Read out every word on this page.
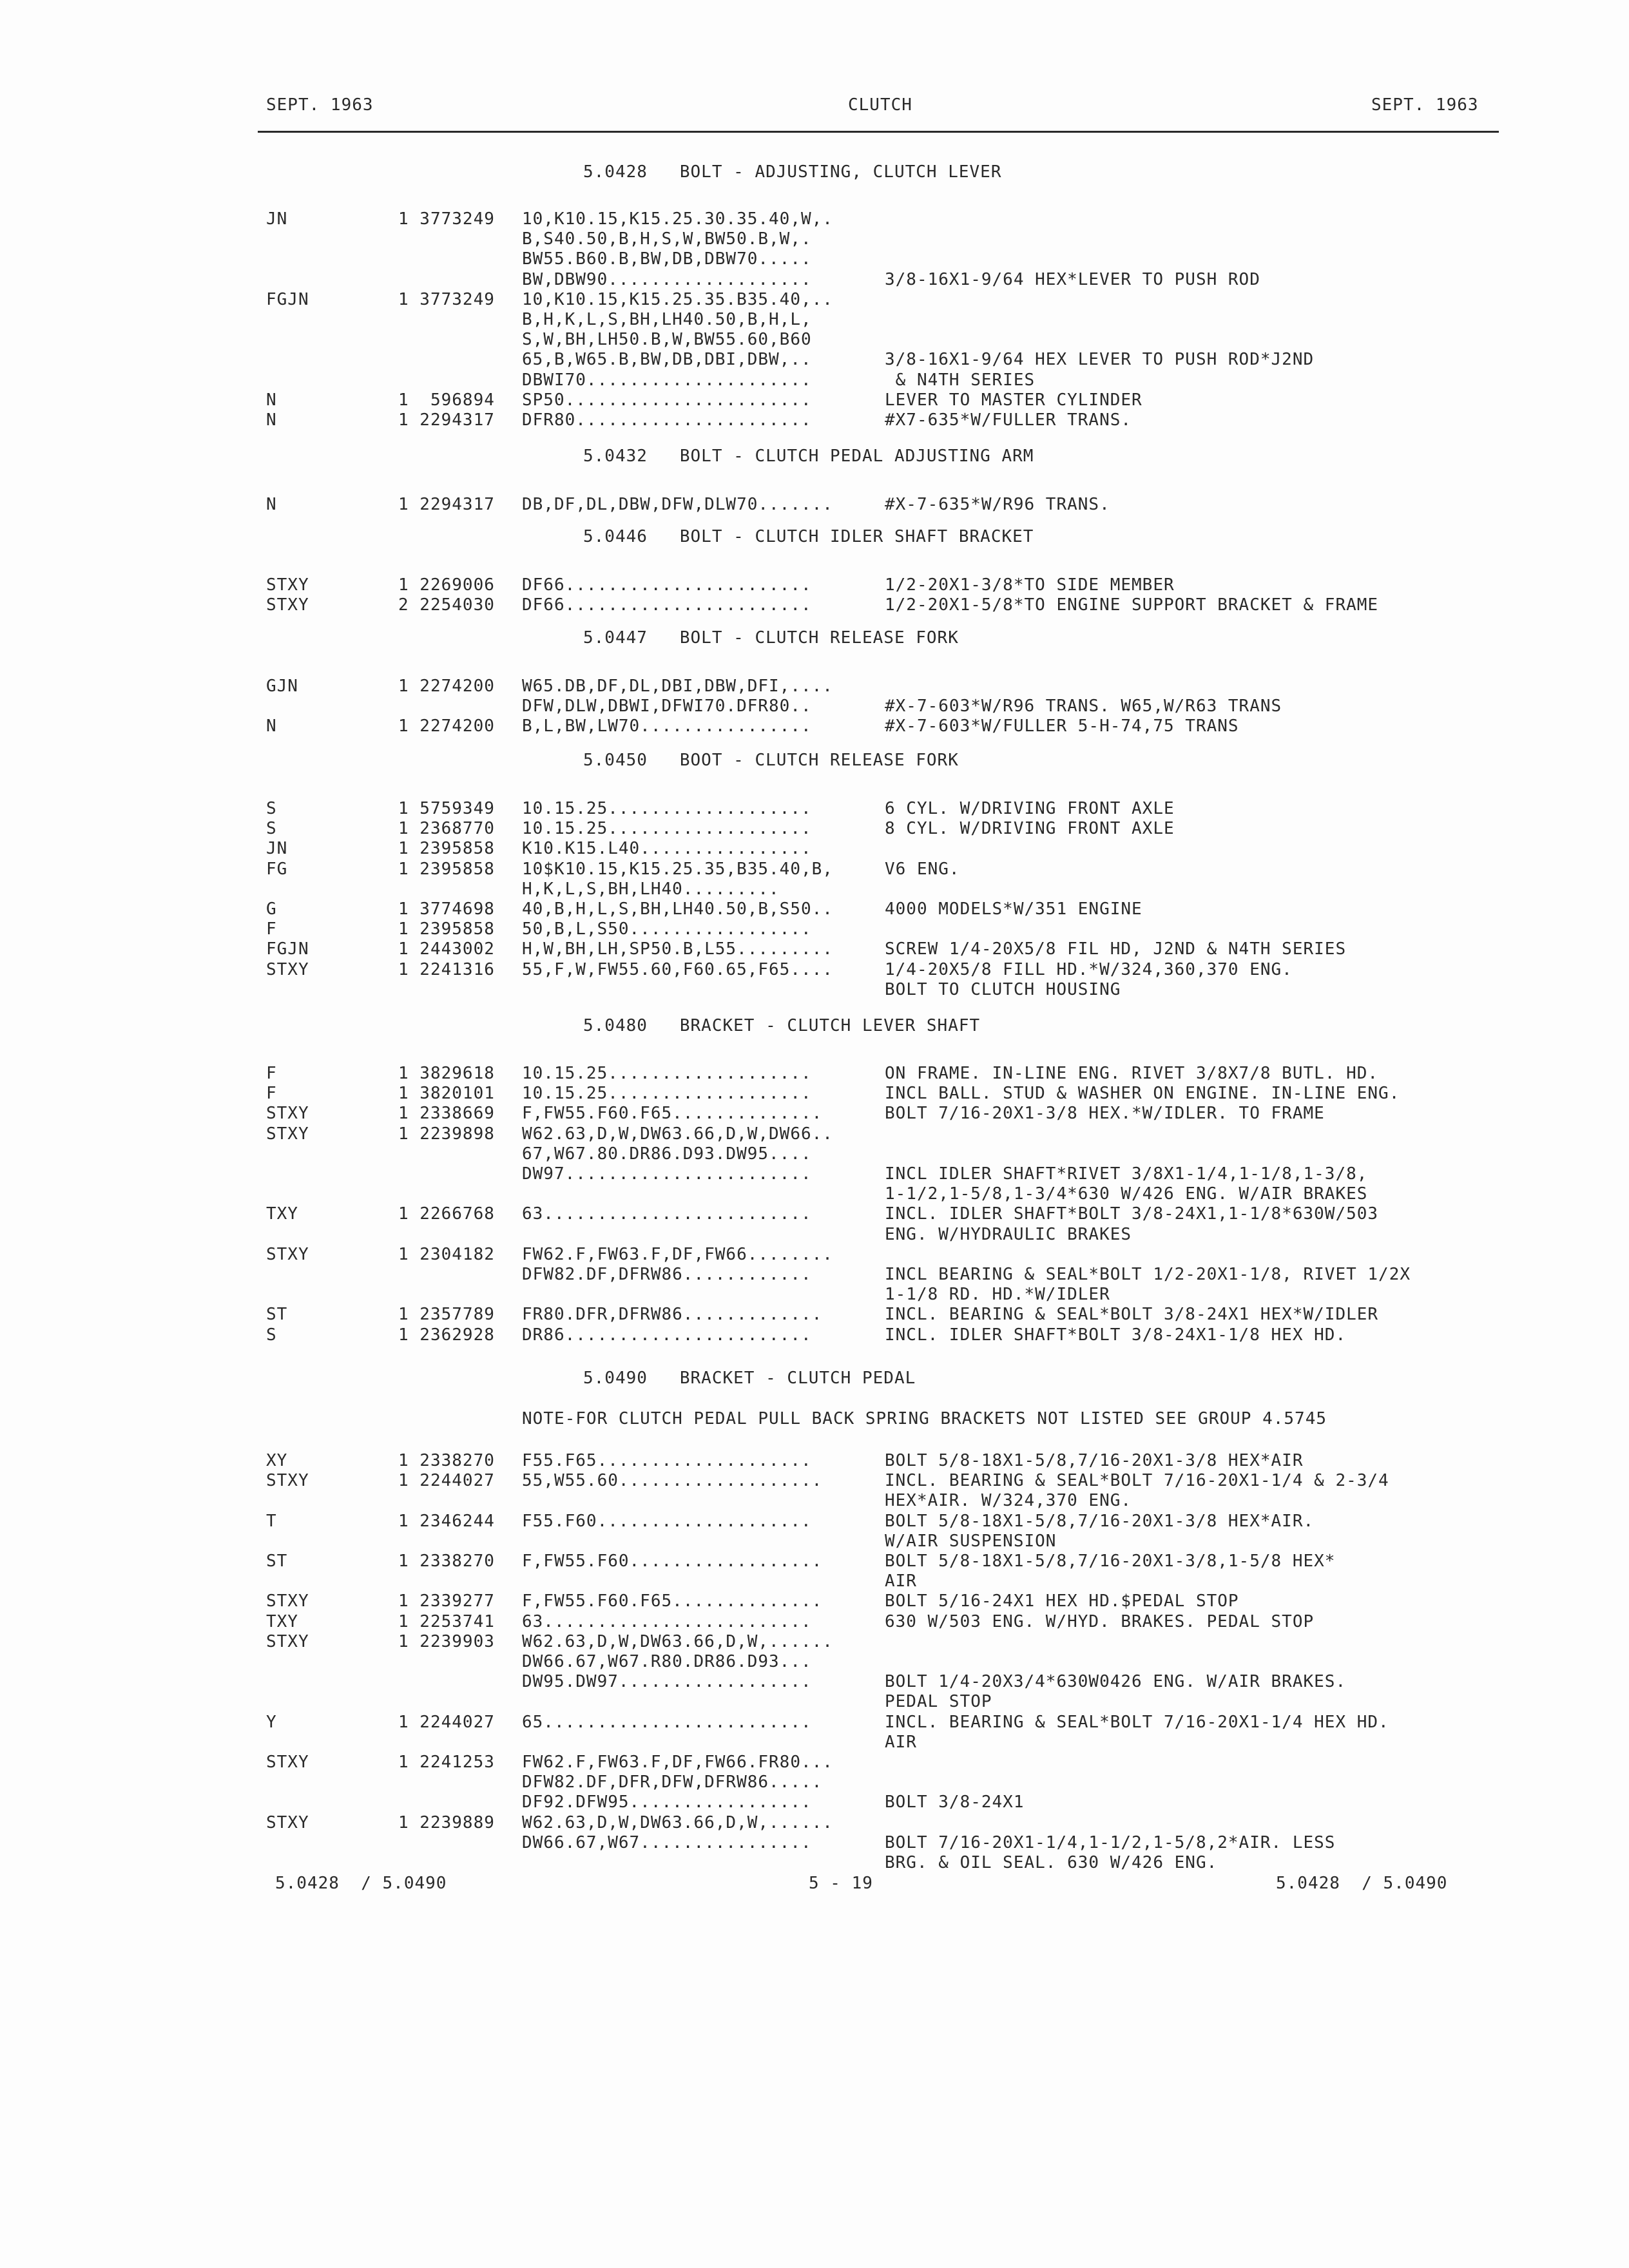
SEPT. 1963	CLUTCH	SEPT. 1963
5.0428   BOLT - ADJUSTING, CLUTCH LEVER
JN	1 3773249 10,K10.15,K15.25.30.35.40,W,.
B,S40.50,B,H,S,W,BW50.B,W,.
BW55.B60.B,BW,DB,DBW70.....
BW,DBW90...................	3/8-16X1-9/64 HEX*LEVER TO PUSH ROD
FGJN	1 3773249 10,K10.15,K15.25.35.B35.40,..
B,H,K,L,S,BH,LH40.50,B,H,L,
S,W,BH,LH50.B,W,BW55.60,B60
65,B,W65.B,BW,DB,DBI,DBW,..	3/8-16X1-9/64 HEX LEVER TO PUSH ROD*J2ND
DBWI70.....................	& N4TH SERIES
N	1  596894 SP50.......................	LEVER TO MASTER CYLINDER
N	1 2294317 DFR80......................	#X7-635*W/FULLER TRANS.
5.0432   BOLT - CLUTCH PEDAL ADJUSTING ARM
N	1 2294317 DB,DF,DL,DBW,DFW,DLW70.......	#X-7-635*W/R96 TRANS.
5.0446   BOLT - CLUTCH IDLER SHAFT BRACKET
STXY	1 2269006 DF66.......................	1/2-20X1-3/8*TO SIDE MEMBER
STXY	2 2254030 DF66.......................	1/2-20X1-5/8*TO ENGINE SUPPORT BRACKET & FRAME
5.0447   BOLT - CLUTCH RELEASE FORK
GJN	1 2274200 W65.DB,DF,DL,DBI,DBW,DFI,....
DFW,DLW,DBWI,DFWI70.DFR80..	#X-7-603*W/R96 TRANS. W65,W/R63 TRANS
N	1 2274200 B,L,BW,LW70................	#X-7-603*W/FULLER 5-H-74,75 TRANS
5.0450   BOOT - CLUTCH RELEASE FORK
S	1 5759349 10.15.25...................	6 CYL. W/DRIVING FRONT AXLE
S	1 2368770 10.15.25...................	8 CYL. W/DRIVING FRONT AXLE
JN	1 2395858 K10.K15.L40................
FG	1 2395858 10$K10.15,K15.25.35,B35.40,B,	V6 ENG.
H,K,L,S,BH,LH40.........
G	1 3774698 40,B,H,L,S,BH,LH40.50,B,S50..	4000 MODELS*W/351 ENGINE
F	1 2395858 50,B,L,S50.................
FGJN	1 2443002 H,W,BH,LH,SP50.B,L55.........	SCREW 1/4-20X5/8 FIL HD, J2ND & N4TH SERIES
STXY	1 2241316 55,F,W,FW55.60,F60.65,F65....	1/4-20X5/8 FILL HD.*W/324,360,370 ENG.
BOLT TO CLUTCH HOUSING
5.0480   BRACKET - CLUTCH LEVER SHAFT
F	1 3829618 10.15.25...................	ON FRAME. IN-LINE ENG. RIVET 3/8X7/8 BUTL. HD.
F	1 3820101 10.15.25...................	INCL BALL. STUD & WASHER ON ENGINE. IN-LINE ENG.
STXY	1 2338669 F,FW55.F60.F65..............	BOLT 7/16-20X1-3/8 HEX.*W/IDLER. TO FRAME
STXY	1 2239898 W62.63,D,W,DW63.66,D,W,DW66..
67,W67.80.DR86.D93.DW95....
DW97.......................	INCL IDLER SHAFT*RIVET 3/8X1-1/4,1-1/8,1-3/8,
1-1/2,1-5/8,1-3/4*630 W/426 ENG. W/AIR BRAKES
TXY	1 2266768 63.........................	INCL. IDLER SHAFT*BOLT 3/8-24X1,1-1/8*630W/503
ENG. W/HYDRAULIC BRAKES
STXY	1 2304182 FW62.F,FW63.F,DF,FW66........
DFW82.DF,DFRW86............	INCL BEARING & SEAL*BOLT 1/2-20X1-1/8, RIVET 1/2X
1-1/8 RD. HD.*W/IDLER
ST	1 2357789 FR80.DFR,DFRW86.............	INCL. BEARING & SEAL*BOLT 3/8-24X1 HEX*W/IDLER
S	1 2362928 DR86.......................	INCL. IDLER SHAFT*BOLT 3/8-24X1-1/8 HEX HD.
5.0490   BRACKET - CLUTCH PEDAL
NOTE-FOR CLUTCH PEDAL PULL BACK SPRING BRACKETS NOT LISTED SEE GROUP 4.5745
XY	1 2338270 F55.F65....................	BOLT 5/8-18X1-5/8,7/16-20X1-3/8 HEX*AIR
STXY	1 2244027 55,W55.60...................	INCL. BEARING & SEAL*BOLT 7/16-20X1-1/4 & 2-3/4
HEX*AIR. W/324,370 ENG.
T	1 2346244 F55.F60....................	BOLT 5/8-18X1-5/8,7/16-20X1-3/8 HEX*AIR.
W/AIR SUSPENSION
ST	1 2338270 F,FW55.F60..................	BOLT 5/8-18X1-5/8,7/16-20X1-3/8,1-5/8 HEX*
AIR
STXY	1 2339277 F,FW55.F60.F65..............	BOLT 5/16-24X1 HEX HD.$PEDAL STOP
TXY	1 2253741 63.........................	630 W/503 ENG. W/HYD. BRAKES. PEDAL STOP
STXY	1 2239903 W62.63,D,W,DW63.66,D,W,......
DW66.67,W67.R80.DR86.D93...
DW95.DW97..................	BOLT 1/4-20X3/4*630W0426 ENG. W/AIR BRAKES.
PEDAL STOP
Y	1 2244027 65.........................	INCL. BEARING & SEAL*BOLT 7/16-20X1-1/4 HEX HD.
AIR
STXY	1 2241253 FW62.F,FW63.F,DF,FW66.FR80...
DFW82.DF,DFR,DFW,DFRW86.....
DF92.DFW95.................	BOLT 3/8-24X1
STXY	1 2239889 W62.63,D,W,DW63.66,D,W,......
DW66.67,W67................	BOLT 7/16-20X1-1/4,1-1/2,1-5/8,2*AIR. LESS
BRG. & OIL SEAL. 630 W/426 ENG.
5.0428  / 5.0490	5 - 19	5.0428  / 5.0490
